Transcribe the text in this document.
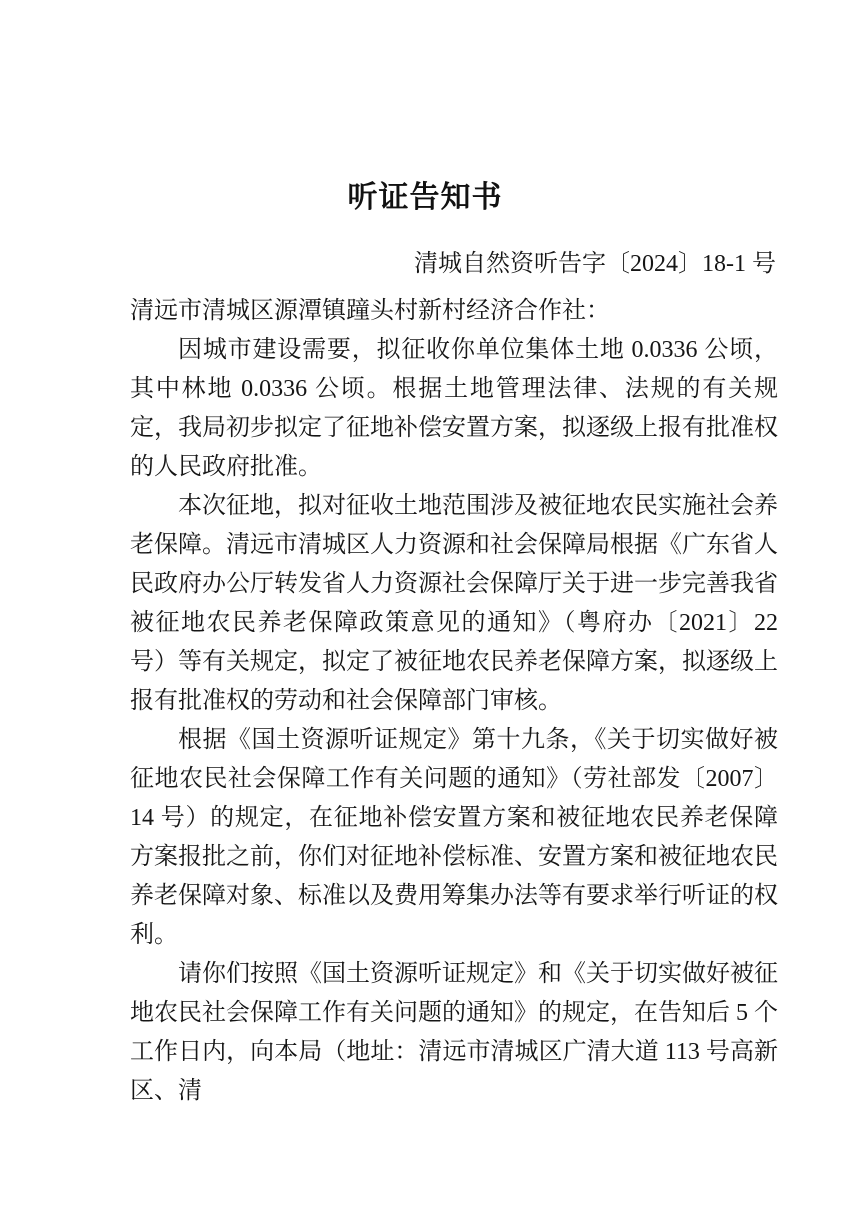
听证告知书
清城自然资听告字〔2024〕18-1 号

清远市清城区源潭镇蹱头村新村经济合作社：

因城市建设需要，拟征收你单位集体土地 0.0336 公顷，其中林地 0.0336 公顷。根据土地管理法律、法规的有关规定，我局初步拟定了征地补偿安置方案，拟逐级上报有批准权的人民政府批准。

本次征地，拟对征收土地范围涉及被征地农民实施社会养老保障。清远市清城区人力资源和社会保障局根据《广东省人民政府办公厅转发省人力资源社会保障厅关于进一步完善我省被征地农民养老保障政策意见的通知》（粤府办〔2021〕22 号）等有关规定，拟定了被征地农民养老保障方案，拟逐级上报有批准权的劳动和社会保障部门审核。

根据《国土资源听证规定》第十九条，《关于切实做好被征地农民社会保障工作有关问题的通知》（劳社部发〔2007〕14 号）的规定，在征地补偿安置方案和被征地农民养老保障方案报批之前，你们对征地补偿标准、安置方案和被征地农民养老保障对象、标准以及费用筹集办法等有要求举行听证的权利。

请你们按照《国土资源听证规定》和《关于切实做好被征地农民社会保障工作有关问题的通知》的规定，在告知后 5 个工作日内，向本局（地址：清远市清城区广清大道 113 号高新区、清
